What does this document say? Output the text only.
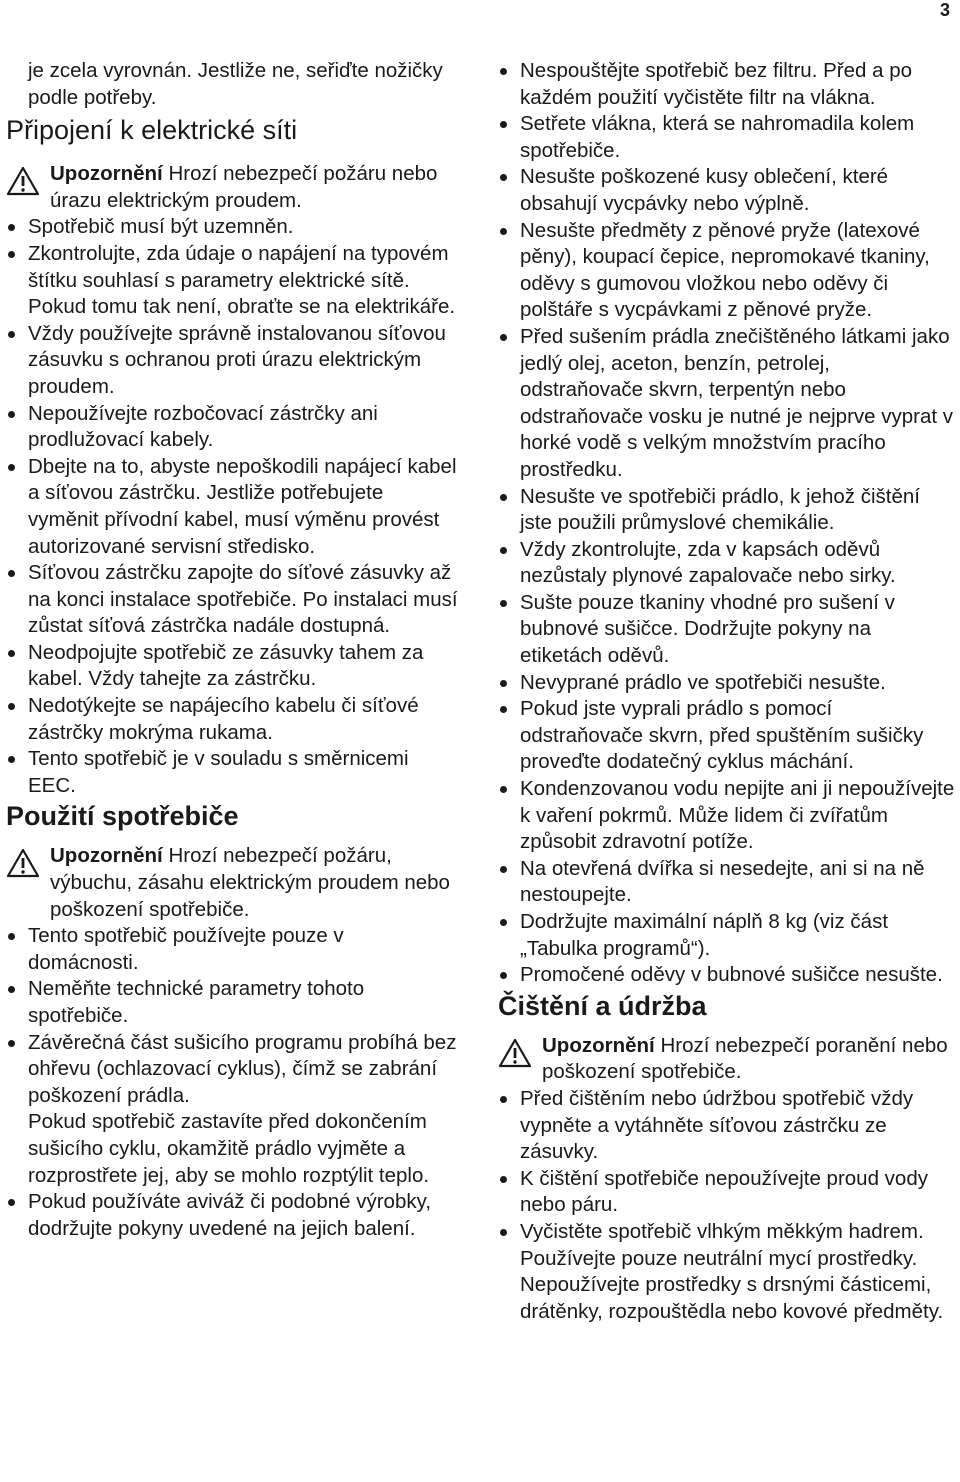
3

je zcela vyrovnán. Jestliže ne, seřiďte nožičky podle potřeby.

Připojení k elektrické síti
Upozornění Hrozí nebezpečí požáru nebo úrazu elektrickým proudem.
Spotřebič musí být uzemněn.
Zkontrolujte, zda údaje o napájení na typovém štítku souhlasí s parametry elektrické sítě. Pokud tomu tak není, obraťte se na elektrikáře.
Vždy používejte správně instalovanou síťovou zásuvku s ochranou proti úrazu elektrickým proudem.
Nepoužívejte rozbočovací zástrčky ani prodlužovací kabely.
Dbejte na to, abyste nepoškodili napájecí kabel a síťovou zástrčku. Jestliže potřebujete vyměnit přívodní kabel, musí výměnu provést autorizované servisní středisko.
Síťovou zástrčku zapojte do síťové zásuvky až na konci instalace spotřebiče. Po instalaci musí zůstat síťová zástrčka nadále dostupná.
Neodpojujte spotřebič ze zásuvky tahem za kabel. Vždy tahejte za zástrčku.
Nedotýkejte se napájecího kabelu či síťové zástrčky mokrýma rukama.
Tento spotřebič je v souladu s směrnicemi EEC.
Použití spotřebiče
Upozornění Hrozí nebezpečí požáru, výbuchu, zásahu elektrickým proudem nebo poškození spotřebiče.
Tento spotřebič používejte pouze v domácnosti.
Neměňte technické parametry tohoto spotřebiče.
Závěrečná část sušicího programu probíhá bez ohřevu (ochlazovací cyklus), čímž se zabrání poškození prádla.

Pokud spotřebič zastavíte před dokončením sušicího cyklu, okamžitě prádlo vyjměte a rozprostřete jej, aby se mohlo rozptýlit teplo.

Pokud používáte aviváž či podobné výrobky, dodržujte pokyny uvedené na jejich balení.
Nespouštějte spotřebič bez filtru. Před a po každém použití vyčistěte filtr na vlákna.
Setřete vlákna, která se nahromadila kolem spotřebiče.
Nesušte poškozené kusy oblečení, které obsahují vycpávky nebo výplně.
Nesušte předměty z pěnové pryže (latexové pěny), koupací čepice, nepromokavé tkaniny, oděvy s gumovou vložkou nebo oděvy či polštáře s vycpávkami z pěnové pryže.
Před sušením prádla znečištěného látkami jako jedlý olej, aceton, benzín, petrolej, odstraňovače skvrn, terpentýn nebo odstraňovače vosku je nutné je nejprve vyprat v horké vodě s velkým množstvím pracího prostředku.
Nesušte ve spotřebiči prádlo, k jehož čištění jste použili průmyslové chemikálie.
Vždy zkontrolujte, zda v kapsách oděvů nezůstaly plynové zapalovače nebo sirky.
Sušte pouze tkaniny vhodné pro sušení v bubnové sušičce. Dodržujte pokyny na etiketách oděvů.
Nevyprané prádlo ve spotřebiči nesušte.
Pokud jste vyprali prádlo s pomocí odstraňovače skvrn, před spuštěním sušičky proveďte dodatečný cyklus máchání.
Kondenzovanou vodu nepijte ani ji nepoužívejte k vaření pokrmů. Může lidem či zvířatům způsobit zdravotní potíže.
Na otevřená dvířka si nesedejte, ani si na ně nestoupejte.
Dodržujte maximální náplň 8 kg (viz část „Tabulka programů“).
Promočené oděvy v bubnové sušičce nesušte.
Čištění a údržba
Upozornění Hrozí nebezpečí poranění nebo poškození spotřebiče.
Před čištěním nebo údržbou spotřebič vždy vypněte a vytáhněte síťovou zástrčku ze zásuvky.
K čištění spotřebiče nepoužívejte proud vody nebo páru.
Vyčistěte spotřebič vlhkým měkkým hadrem. Používejte pouze neutrální mycí prostředky. Nepoužívejte prostředky s drsnými částicemi, drátěnky, rozpouštědla nebo kovové předměty.
